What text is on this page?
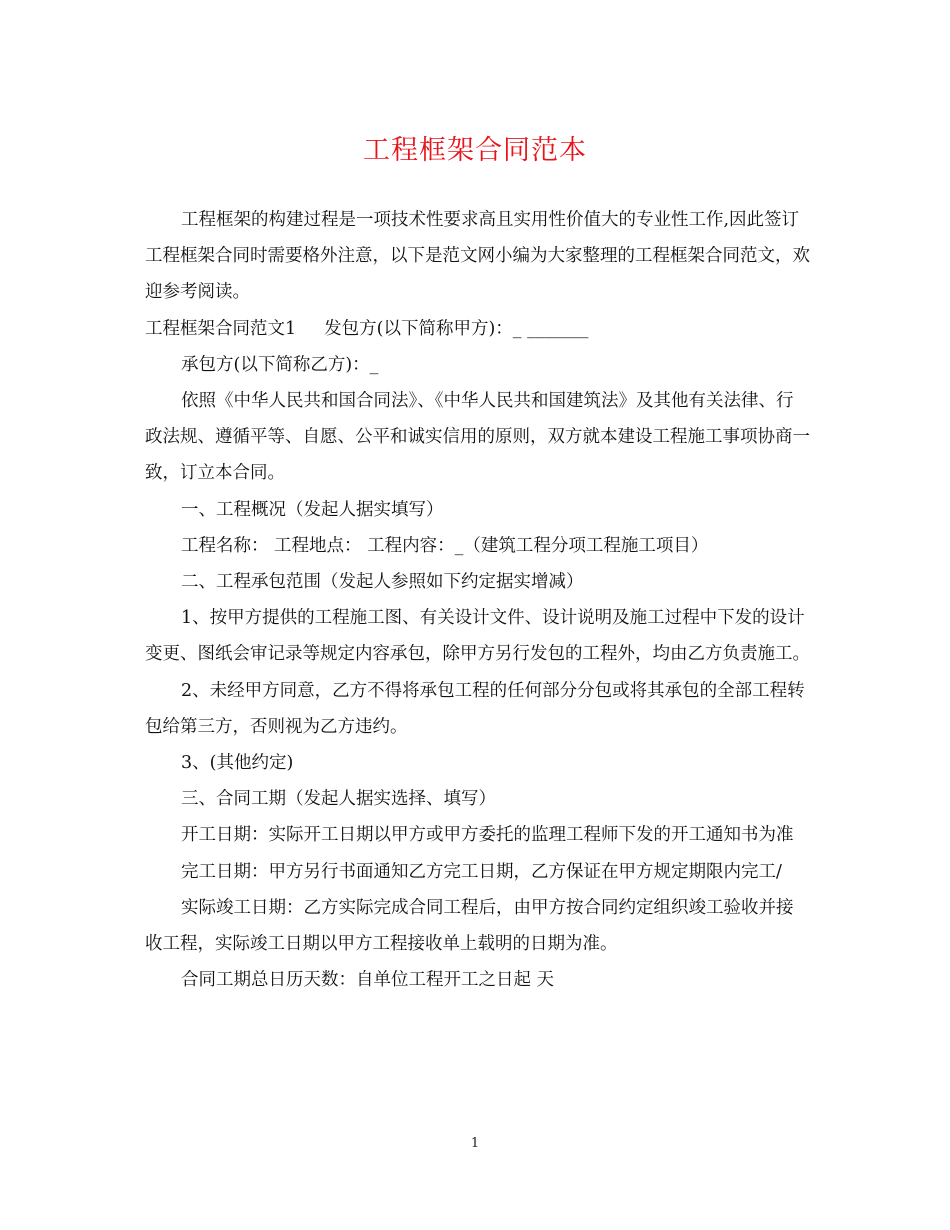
工程框架合同范本

工程框架的构建过程是一项技术性要求高且实用性价值大的专业性工作,因此签订工程框架合同时需要格外注意，以下是范文网小编为大家整理的工程框架合同范文，欢迎参考阅读。

工程框架合同范文1 发包方(以下简称甲方)：_ _______

承包方(以下简称乙方)：_

依照《中华人民共和国合同法》、《中华人民共和国建筑法》及其他有关法律、行政法规、遵循平等、自愿、公平和诚实信用的原则，双方就本建设工程施工事项协商一致，订立本合同。

一、工程概况（发起人据实填写）

工程名称： 工程地点： 工程内容：_（建筑工程分项工程施工项目）

二、工程承包范围（发起人参照如下约定据实增减）

1、按甲方提供的工程施工图、有关设计文件、设计说明及施工过程中下发的设计变更、图纸会审记录等规定内容承包，除甲方另行发包的工程外，均由乙方负责施工。

2、未经甲方同意，乙方不得将承包工程的任何部分分包或将其承包的全部工程转包给第三方，否则视为乙方违约。

3、(其他约定)

三、合同工期（发起人据实选择、填写）

开工日期：实际开工日期以甲方或甲方委托的监理工程师下发的开工通知书为准

完工日期：甲方另行书面通知乙方完工日期，乙方保证在甲方规定期限内完工/

实际竣工日期：乙方实际完成合同工程后，由甲方按合同约定组织竣工验收并接收工程，实际竣工日期以甲方工程接收单上载明的日期为准。

合同工期总日历天数：自单位工程开工之日起 天

1
